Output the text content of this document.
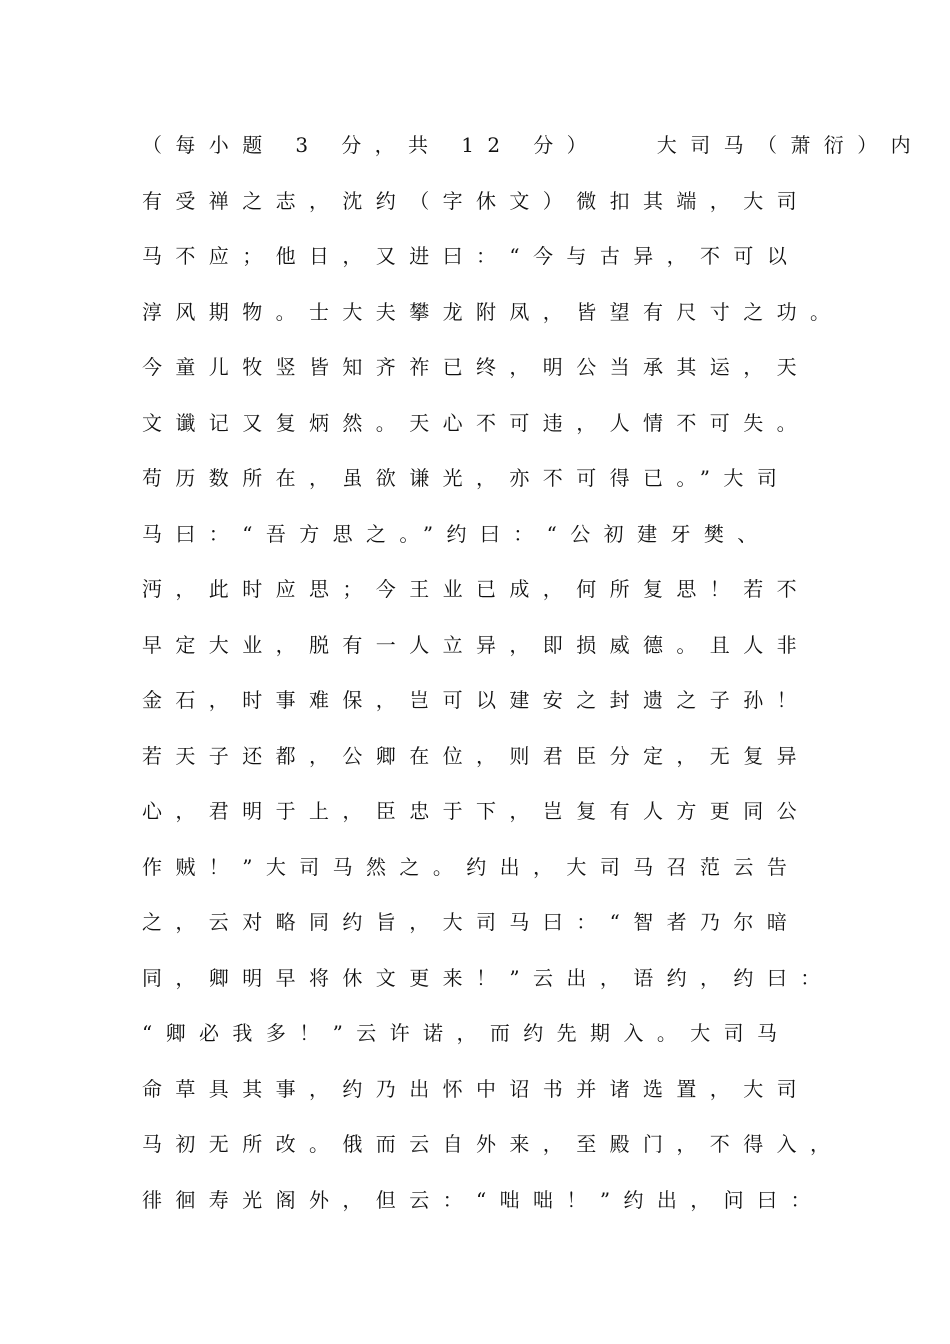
（每小题 3 分，共 12 分）　　大司马（萧衍）内
有受禅之志，沈约（字休文）微扣其端，大司
马不应；他日，又进曰：“今与古异，不可以
淳风期物。士大夫攀龙附凤，皆望有尺寸之功。
今童儿牧竖皆知齐祚已终，明公当承其运，天
文谶记又复炳然。天心不可违，人情不可失。
苟历数所在，虽欲谦光，亦不可得已。”大司
马曰：“吾方思之。”约曰：“公初建牙樊、
沔，此时应思；今王业已成，何所复思！若不
早定大业，脱有一人立异，即损威德。且人非
金石，时事难保，岂可以建安之封遗之子孙！
若天子还都，公卿在位，则君臣分定，无复异
心，君明于上，臣忠于下，岂复有人方更同公
作贼！”大司马然之。约出，大司马召范云告
之，云对略同约旨，大司马曰：“智者乃尔暗
同，卿明早将休文更来！”云出，语约，约曰：
“卿必我多！”云许诺，而约先期入。大司马
命草具其事，约乃出怀中诏书并诸选置，大司
马初无所改。俄而云自外来，至殿门，不得入，
徘徊寿光阁外，但云：“咄咄！”约出，问曰：
